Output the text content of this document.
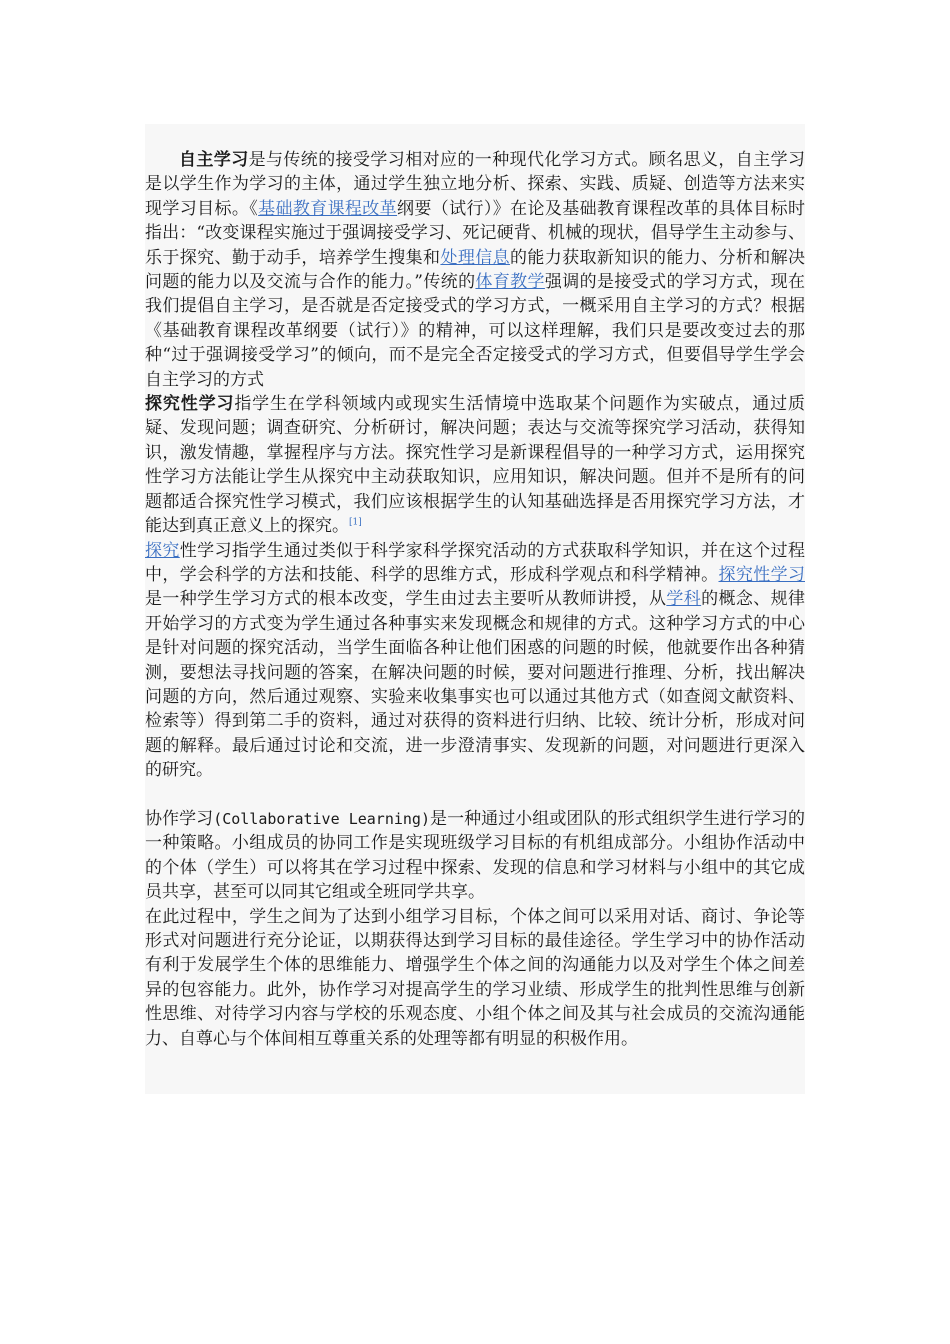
自主学习是与传统的接受学习相对应的一种现代化学习方式。顾名思义，自主学习是以学生作为学习的主体，通过学生独立地分析、探索、实践、质疑、创造等方法来实现学习目标。《基础教育课程改革纲要（试行）》在论及基础教育课程改革的具体目标时指出：“改变课程实施过于强调接受学习、死记硬背、机械的现状，倡导学生主动参与、乐于探究、勤于动手，培养学生搜集和处理信息的能力获取新知识的能力、分析和解决问题的能力以及交流与合作的能力。”传统的体育教学强调的是接受式的学习方式，现在我们提倡自主学习，是否就是否定接受式的学习方式，一概采用自主学习的方式？根据《基础教育课程改革纲要（试行）》的精神，可以这样理解，我们只是要改变过去的那种“过于强调接受学习”的倾向，而不是完全否定接受式的学习方式，但要倡导学生学会自主学习的方式

探究性学习指学生在学科领域内或现实生活情境中选取某个问题作为实破点，通过质疑、发现问题；调查研究、分析研讨，解决问题；表达与交流等探究学习活动，获得知识，激发情趣，掌握程序与方法。探究性学习是新课程倡导的一种学习方式，运用探究性学习方法能让学生从探究中主动获取知识，应用知识，解决问题。但并不是所有的问题都适合探究性学习模式，我们应该根据学生的认知基础选择是否用探究学习方法，才能达到真正意义上的探究。[1]

探究性学习指学生通过类似于科学家科学探究活动的方式获取科学知识，并在这个过程中，学会科学的方法和技能、科学的思维方式，形成科学观点和科学精神。探究性学习是一种学生学习方式的根本改变，学生由过去主要听从教师讲授，从学科的概念、规律开始学习的方式变为学生通过各种事实来发现概念和规律的方式。这种学习方式的中心是针对问题的探究活动，当学生面临各种让他们困惑的问题的时候，他就要作出各种猜测，要想法寻找问题的答案，在解决问题的时候，要对问题进行推理、分析，找出解决问题的方向，然后通过观察、实验来收集事实也可以通过其他方式（如查阅文献资料、检索等）得到第二手的资料，通过对获得的资料进行归纳、比较、统计分析，形成对问题的解释。最后通过讨论和交流，进一步澄清事实、发现新的问题，对问题进行更深入的研究。

协作学习(Collaborative Learning)是一种通过小组或团队的形式组织学生进行学习的一种策略。小组成员的协同工作是实现班级学习目标的有机组成部分。小组协作活动中的个体（学生）可以将其在学习过程中探索、发现的信息和学习材料与小组中的其它成员共享，甚至可以同其它组或全班同学共享。

在此过程中，学生之间为了达到小组学习目标，个体之间可以采用对话、商讨、争论等形式对问题进行充分论证，以期获得达到学习目标的最佳途径。学生学习中的协作活动有利于发展学生个体的思维能力、增强学生个体之间的沟通能力以及对学生个体之间差异的包容能力。此外，协作学习对提高学生的学习业绩、形成学生的批判性思维与创新性思维、对待学习内容与学校的乐观态度、小组个体之间及其与社会成员的交流沟通能力、自尊心与个体间相互尊重关系的处理等都有明显的积极作用。
